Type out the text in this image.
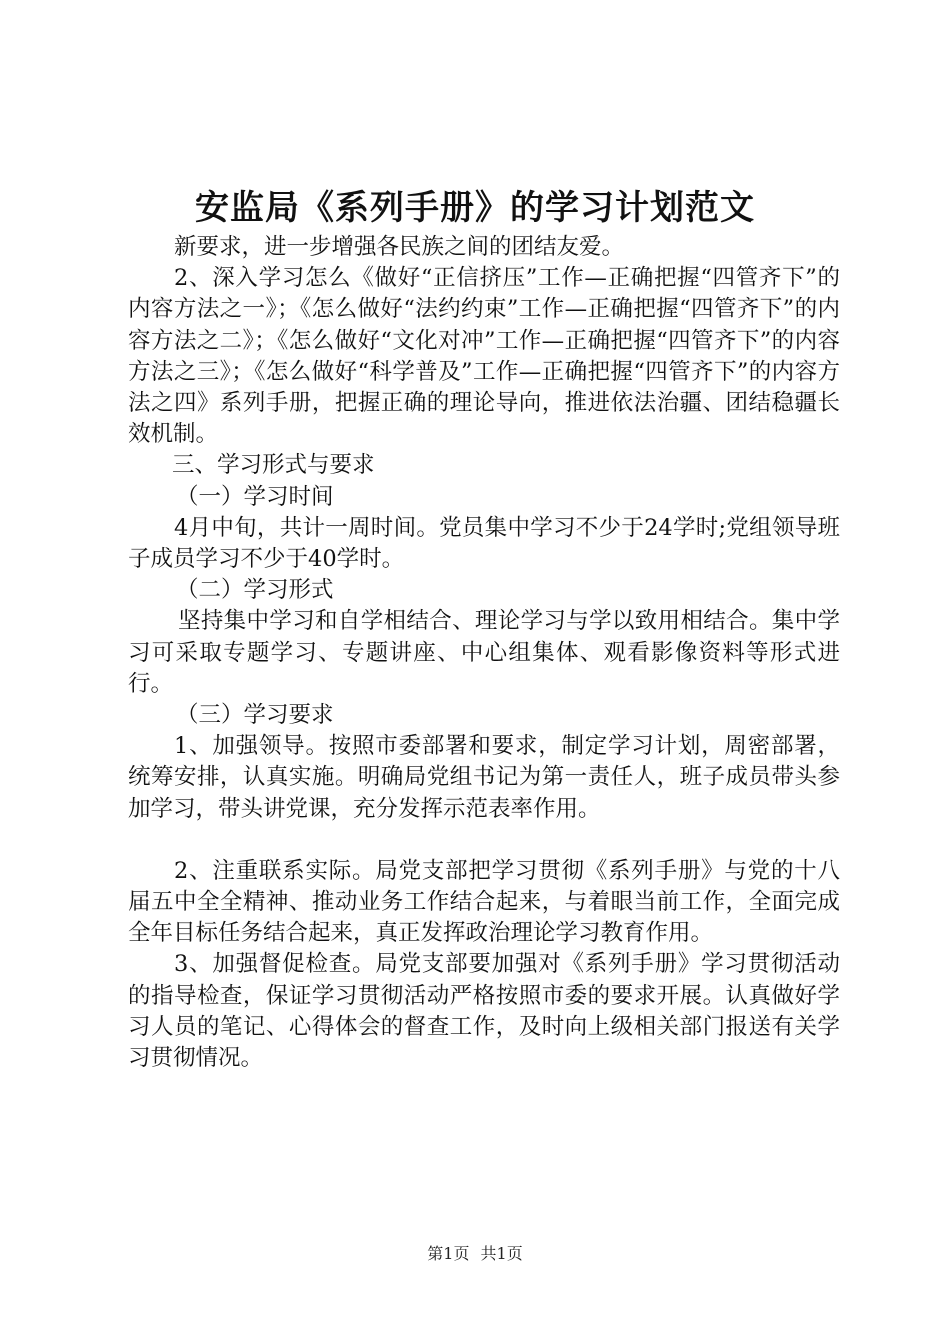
安监局《系列手册》的学习计划范文

新要求，进一步增强各民族之间的团结友爱。

2、深入学习怎么《做好“正信挤压”工作—正确把握“四管齐下”的内容方法之一》；《怎么做好“法约约束”工作—正确把握“四管齐下”的内容方法之二》；《怎么做好“文化对冲”工作—正确把握“四管齐下”的内容方法之三》；《怎么做好“科学普及”工作—正确把握“四管齐下”的内容方法之四》系列手册，把握正确的理论导向，推进依法治疆、团结稳疆长效机制。

三、学习形式与要求

（一）学习时间

4月中旬，共计一周时间。党员集中学习不少于24学时;党组领导班子成员学习不少于40学时。

（二）学习形式

坚持集中学习和自学相结合、理论学习与学以致用相结合。集中学习可采取专题学习、专题讲座、中心组集体、观看影像资料等形式进行。

（三）学习要求

1、加强领导。按照市委部署和要求，制定学习计划，周密部署，统筹安排，认真实施。明确局党组书记为第一责任人，班子成员带头参加学习，带头讲党课，充分发挥示范表率作用。

2、注重联系实际。局党支部把学习贯彻《系列手册》与党的十八届五中全全精神、推动业务工作结合起来，与着眼当前工作，全面完成全年目标任务结合起来，真正发挥政治理论学习教育作用。

3、加强督促检查。局党支部要加强对《系列手册》学习贯彻活动的指导检查，保证学习贯彻活动严格按照市委的要求开展。认真做好学习人员的笔记、心得体会的督查工作，及时向上级相关部门报送有关学习贯彻情况。

第1页 共1页
